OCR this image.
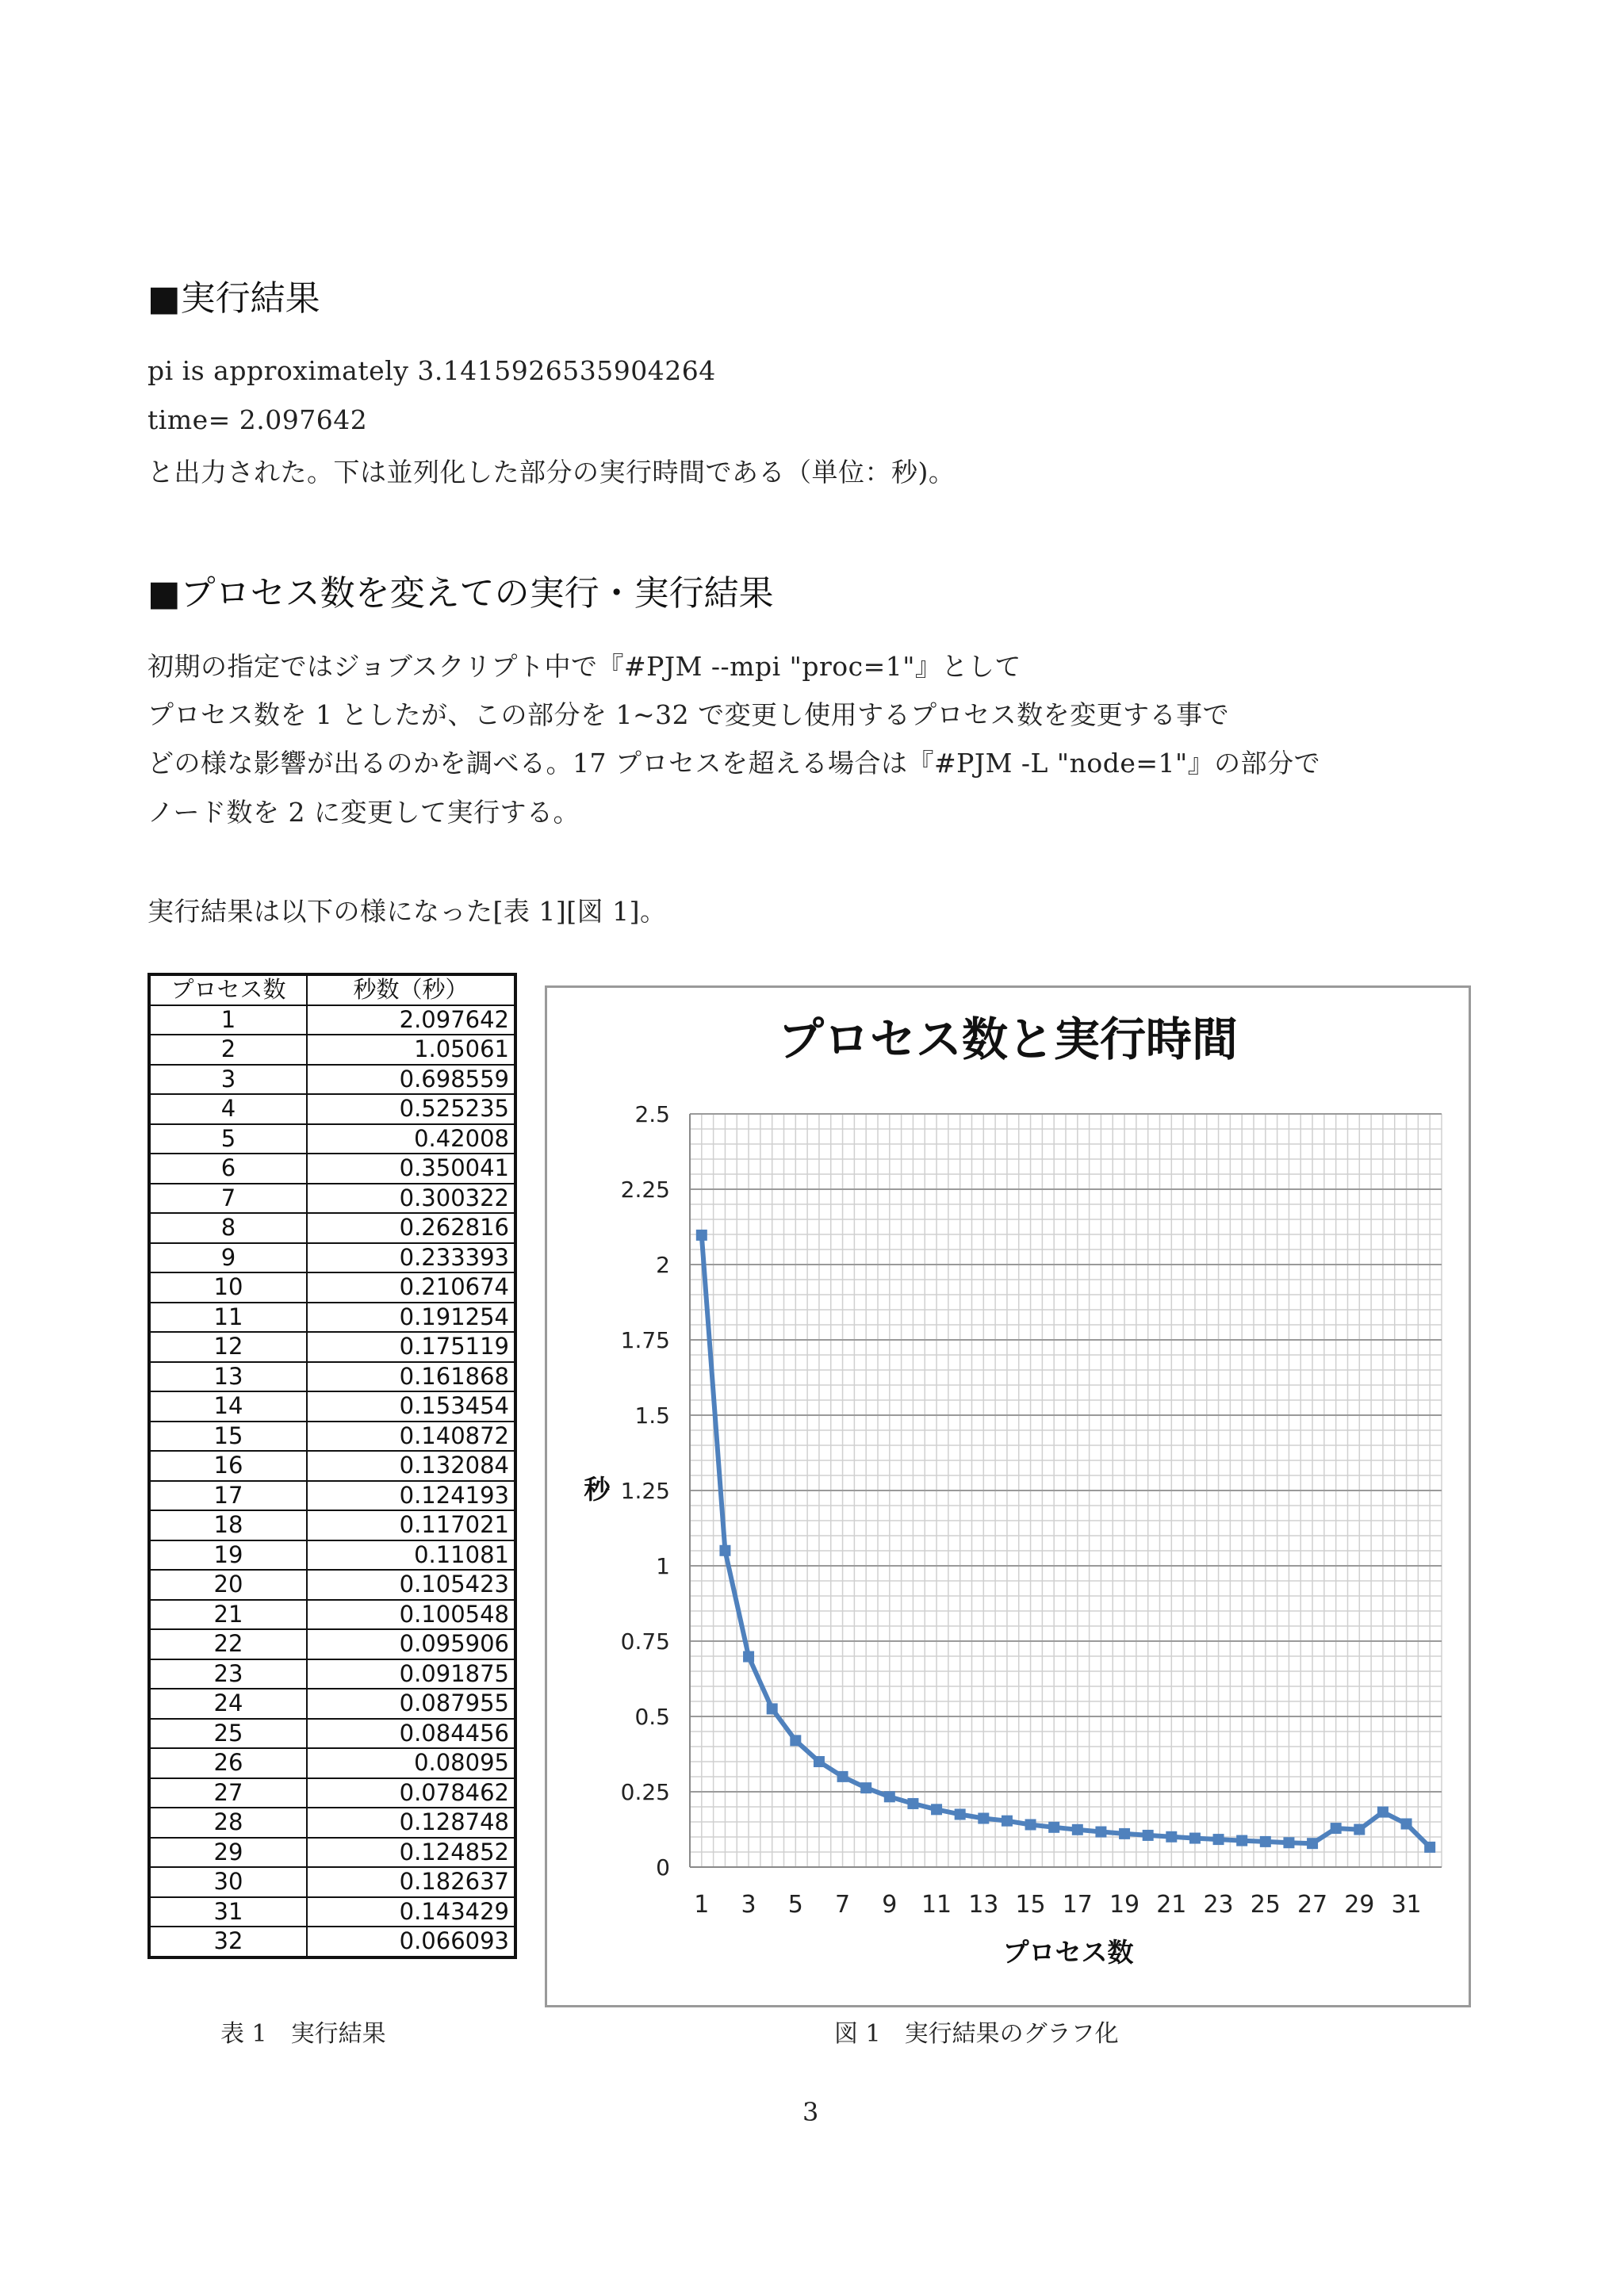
■実行結果
pi is approximately 3.1415926535904264
time= 2.097642
と出力された。下は並列化した部分の実行時間である（単位：秒)。
■プロセス数を変えての実行・実行結果
初期の指定ではジョブスクリプト中で『#PJM --mpi "proc=1"』として
プロセス数を 1 としたが、この部分を 1~32 で変更し使用するプロセス数を変更する事で
どの様な影響が出るのかを調べる。17 プロセスを超える場合は『#PJM -L "node=1"』の部分で
ノード数を 2 に変更して実行する。
実行結果は以下の様になった[表 1][図 1]。
プロセス数	秒数（秒）
1	2.097642
2	1.05061
3	0.698559
4	0.525235
5	0.42008
6	0.350041
7	0.300322
8	0.262816
9	0.233393
10	0.210674
11	0.191254
12	0.175119
13	0.161868
14	0.153454
15	0.140872
16	0.132084
17	0.124193
18	0.117021
19	0.11081
20	0.105423
21	0.100548
22	0.095906
23	0.091875
24	0.087955
25	0.084456
26	0.08095
27	0.078462
28	0.128748
29	0.124852
30	0.182637
31	0.143429
32	0.066093
表 1　実行結果
プロセス数と実行時間
0
0.25
0.5
0.75
1
1.25
1.5
1.75
2
2.25
2.5
1 3 5 7 9 11 13 15 17 19 21 23 25 27 29 31
プロセス数
秒
図 1　実行結果のグラフ化
3
